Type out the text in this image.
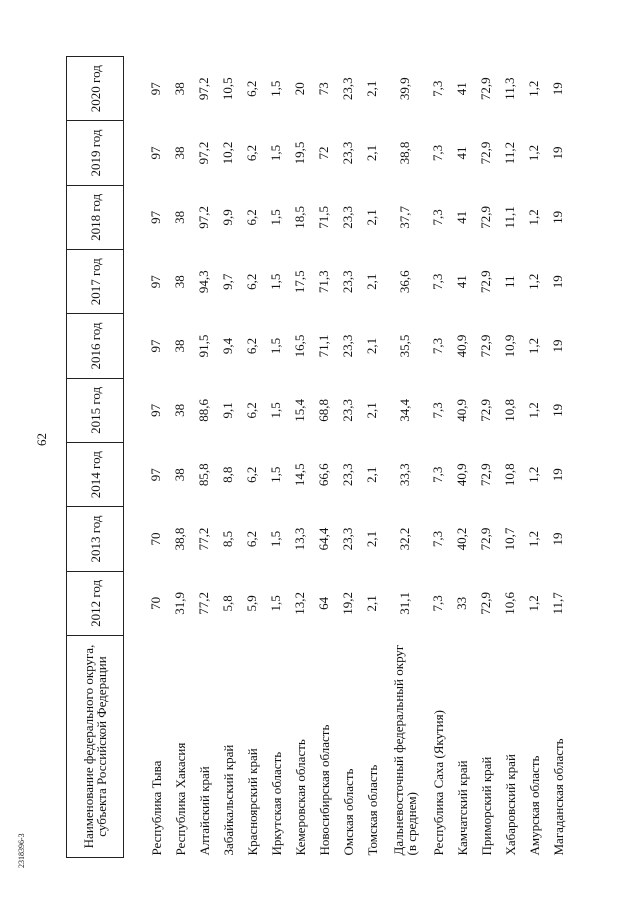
62
2318396-3
Наименование федерального округа, субъекта Российской Федерации	2012 год	2013 год	2014 год	2015 год	2016 год	2017 год	2018 год	2019 год	2020 год

Республика Тыва	70	70	97	97	97	97	97	97	97
Республика Хакасия	31,9	38,8	38	38	38	38	38	38	38
Алтайский край	77,2	77,2	85,8	88,6	91,5	94,3	97,2	97,2	97,2
Забайкальский край	5,8	8,5	8,8	9,1	9,4	9,7	9,9	10,2	10,5
Красноярский край	5,9	6,2	6,2	6,2	6,2	6,2	6,2	6,2	6,2
Иркутская область	1,5	1,5	1,5	1,5	1,5	1,5	1,5	1,5	1,5
Кемеровская область	13,2	13,3	14,5	15,4	16,5	17,5	18,5	19,5	20
Новосибирская область	64	64,4	66,6	68,8	71,1	71,3	71,5	72	73
Омская область	19,2	23,3	23,3	23,3	23,3	23,3	23,3	23,3	23,3
Томская область	2,1	2,1	2,1	2,1	2,1	2,1	2,1	2,1	2,1
Дальневосточный федеральный округ (в среднем)	31,1	32,2	33,3	34,4	35,5	36,6	37,7	38,8	39,9
Республика Саха (Якутия)	7,3	7,3	7,3	7,3	7,3	7,3	7,3	7,3	7,3
Камчатский край	33	40,2	40,9	40,9	40,9	41	41	41	41
Приморский край	72,9	72,9	72,9	72,9	72,9	72,9	72,9	72,9	72,9
Хабаровский край	10,6	10,7	10,8	10,8	10,9	11	11,1	11,2	11,3
Амурская область	1,2	1,2	1,2	1,2	1,2	1,2	1,2	1,2	1,2
Магаданская область	11,7	19	19	19	19	19	19	19	19
